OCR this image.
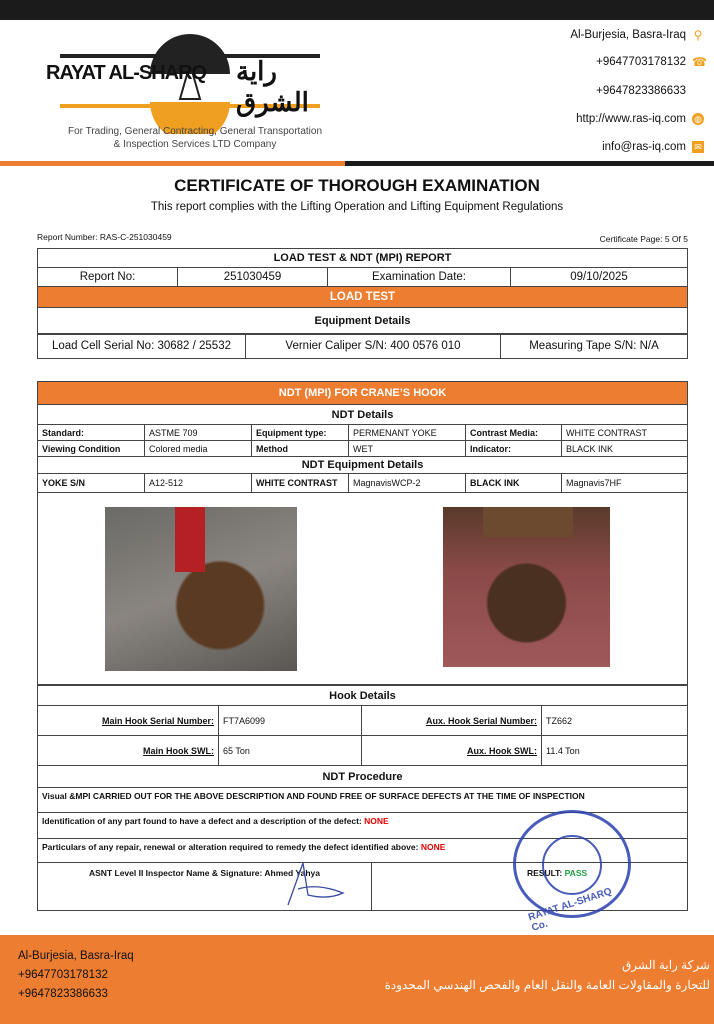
RAYAT AL-SHARQ راية الشرق
For Trading, General Contracting, General Transportation
& Inspection Services LTD Company
Al-Burjesia, Basra-Iraq ⚲
+9647703178132 ☎
+9647823386633
http://www.ras-iq.com ◍
info@ras-iq.com ✉
CERTIFICATE OF THOROUGH EXAMINATION
This report complies with the Lifting Operation and Lifting Equipment Regulations
Report Number: RAS-C-251030459	Certificate Page: 5 Of 5
LOAD TEST & NDT (MPI) REPORT
Report No:	251030459	Examination Date:	09/10/2025
LOAD TEST
Equipment Details
Load Cell Serial No: 30682 / 25532	Vernier Caliper S/N: 400 0576 010	Measuring Tape S/N: N/A
NDT (MPI) FOR CRANE’S HOOK					
NDT Details					
Standard:	ASTME 709	Equipment type:	PERMENANT YOKE	Contrast Media:	WHITE CONTRAST
Viewing Condition	Colored media	Method	WET	Indicator:	BLACK INK
NDT Equipment Details					
YOKE S/N	A12-512	WHITE CONTRAST	MagnavisWCP-2	BLACK INK	Magnavis7HF

Hook Details			
Main Hook Serial Number:	FT7A6099	Aux. Hook Serial Number:	TZ662
Main Hook SWL:	65 Ton	Aux. Hook SWL:	11.4 Ton
NDT Procedure			
Visual &MPI CARRIED OUT FOR THE ABOVE DESCRIPTION AND FOUND FREE OF SURFACE DEFECTS AT THE TIME OF INSPECTION			
Identification of any part found to have a defect and a description of the defect: NONE			
Particulars of any repair, renewal or alteration required to remedy the defect identified above: NONE			
ASNT Level II Inspector Name & Signature: Ahmed Yahya	RESULT: PASS
RAYAT AL-SHARQ Co.
Al-Burjesia, Basra-Iraq
+9647703178132
+9647823386633
شركة راية الشرق
للتجارة والمقاولات العامة والنقل العام والفحص الهندسي المحدودة
